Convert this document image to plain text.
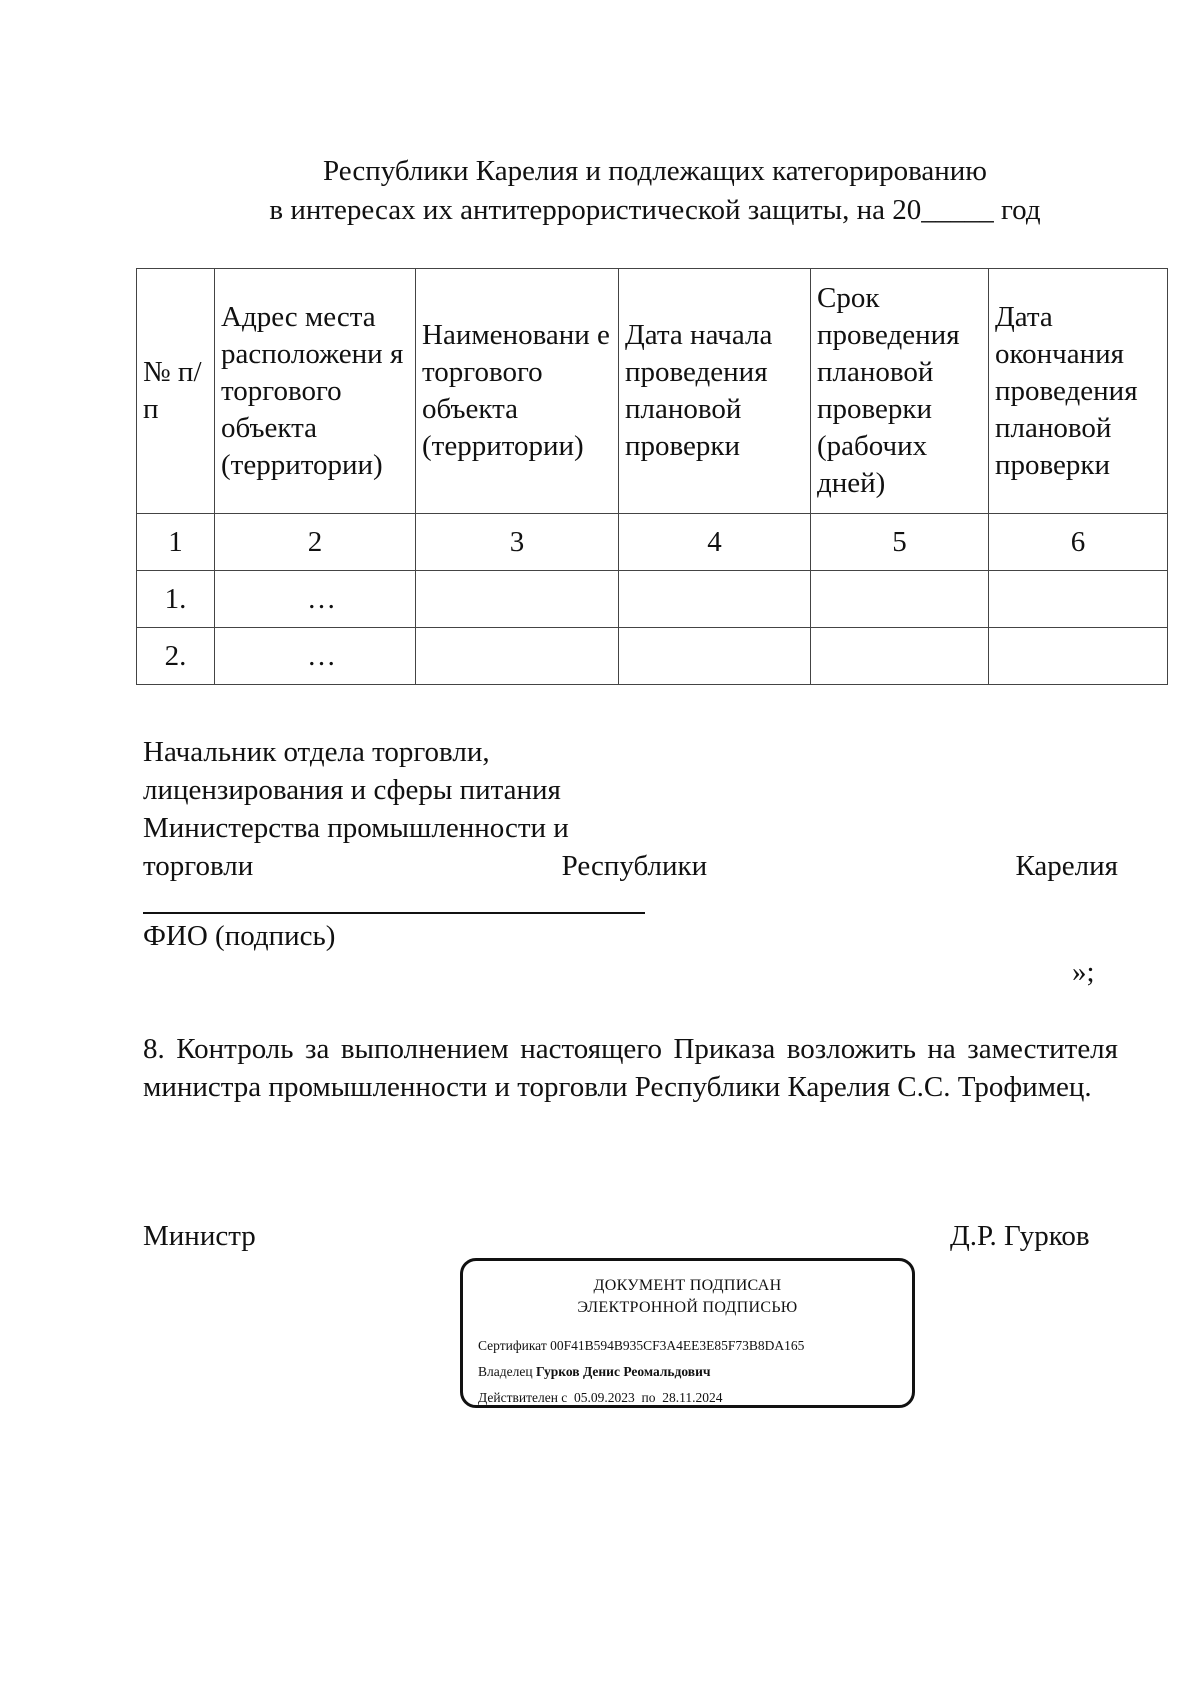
Республики Карелия и подлежащих категорированию
в интересах их антитеррористической защиты, на 20_____ год
№ п/п	Адрес места расположени я торгового объекта (территории)	Наименовани е торгового объекта (территории)	Дата начала проведения плановой проверки	Срок проведения плановой проверки (рабочих дней)	Дата окончания проведения плановой проверки
1	2	3	4	5	6
1.	…				
2.	…				
Начальник отдела торговли,
лицензирования и сферы питания
Министерства промышленности и
торговли	Республики	Карелия
ФИО (подпись)
»;
8. Контроль за выполнением настоящего Приказа возложить на заместителя министра промышленности и торговли Республики Карелия С.С. Трофимец.
Министр	Д.Р. Гурков
ДОКУМЕНТ ПОДПИСАН
ЭЛЕКТРОННОЙ ПОДПИСЬЮ
Сертификат 00F41B594B935CF3A4EE3E85F73B8DA165
Владелец Гурков Денис Реомальдович
Действителен с 05.09.2023 по 28.11.2024
